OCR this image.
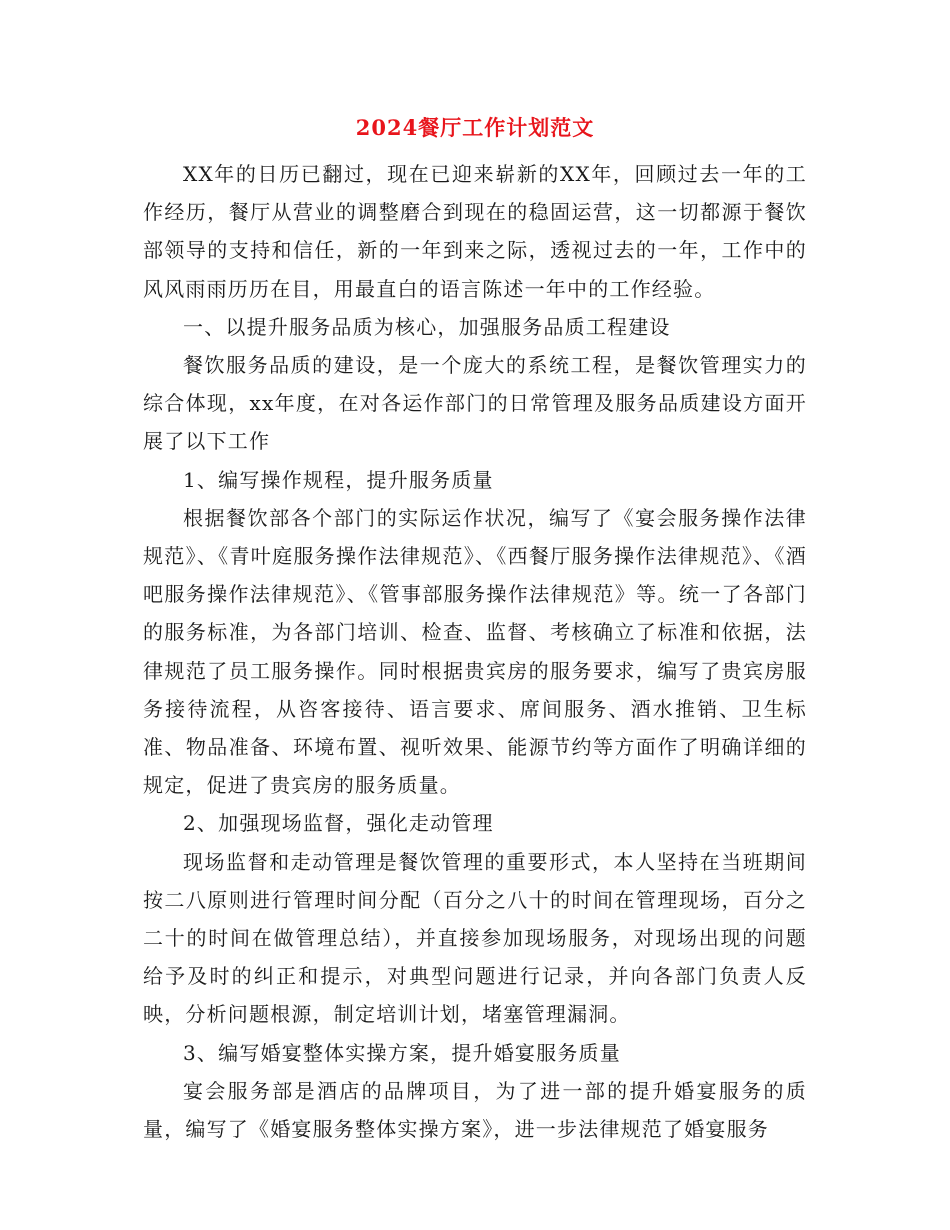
2024餐厅工作计划范文

XX年的日历已翻过，现在已迎来崭新的XX年，回顾过去一年的工作经历，餐厅从营业的调整磨合到现在的稳固运营，这一切都源于餐饮部领导的支持和信任，新的一年到来之际，透视过去的一年，工作中的风风雨雨历历在目，用最直白的语言陈述一年中的工作经验。

一、以提升服务品质为核心，加强服务品质工程建设

餐饮服务品质的建设，是一个庞大的系统工程，是餐饮管理实力的综合体现，xx年度，在对各运作部门的日常管理及服务品质建设方面开展了以下工作

1、编写操作规程，提升服务质量

根据餐饮部各个部门的实际运作状况，编写了《宴会服务操作法律规范》、《青叶庭服务操作法律规范》、《西餐厅服务操作法律规范》、《酒吧服务操作法律规范》、《管事部服务操作法律规范》等。统一了各部门的服务标准，为各部门培训、检查、监督、考核确立了标准和依据，法律规范了员工服务操作。同时根据贵宾房的服务要求，编写了贵宾房服务接待流程，从咨客接待、语言要求、席间服务、酒水推销、卫生标准、物品准备、环境布置、视听效果、能源节约等方面作了明确详细的规定，促进了贵宾房的服务质量。

2、加强现场监督，强化走动管理

现场监督和走动管理是餐饮管理的重要形式，本人坚持在当班期间按二八原则进行管理时间分配（百分之八十的时间在管理现场，百分之二十的时间在做管理总结），并直接参加现场服务，对现场出现的问题给予及时的纠正和提示，对典型问题进行记录，并向各部门负责人反映，分析问题根源，制定培训计划，堵塞管理漏洞。

3、编写婚宴整体实操方案，提升婚宴服务质量

宴会服务部是酒店的品牌项目，为了进一部的提升婚宴服务的质量，编写了《婚宴服务整体实操方案》，进一步法律规范了婚宴服务
